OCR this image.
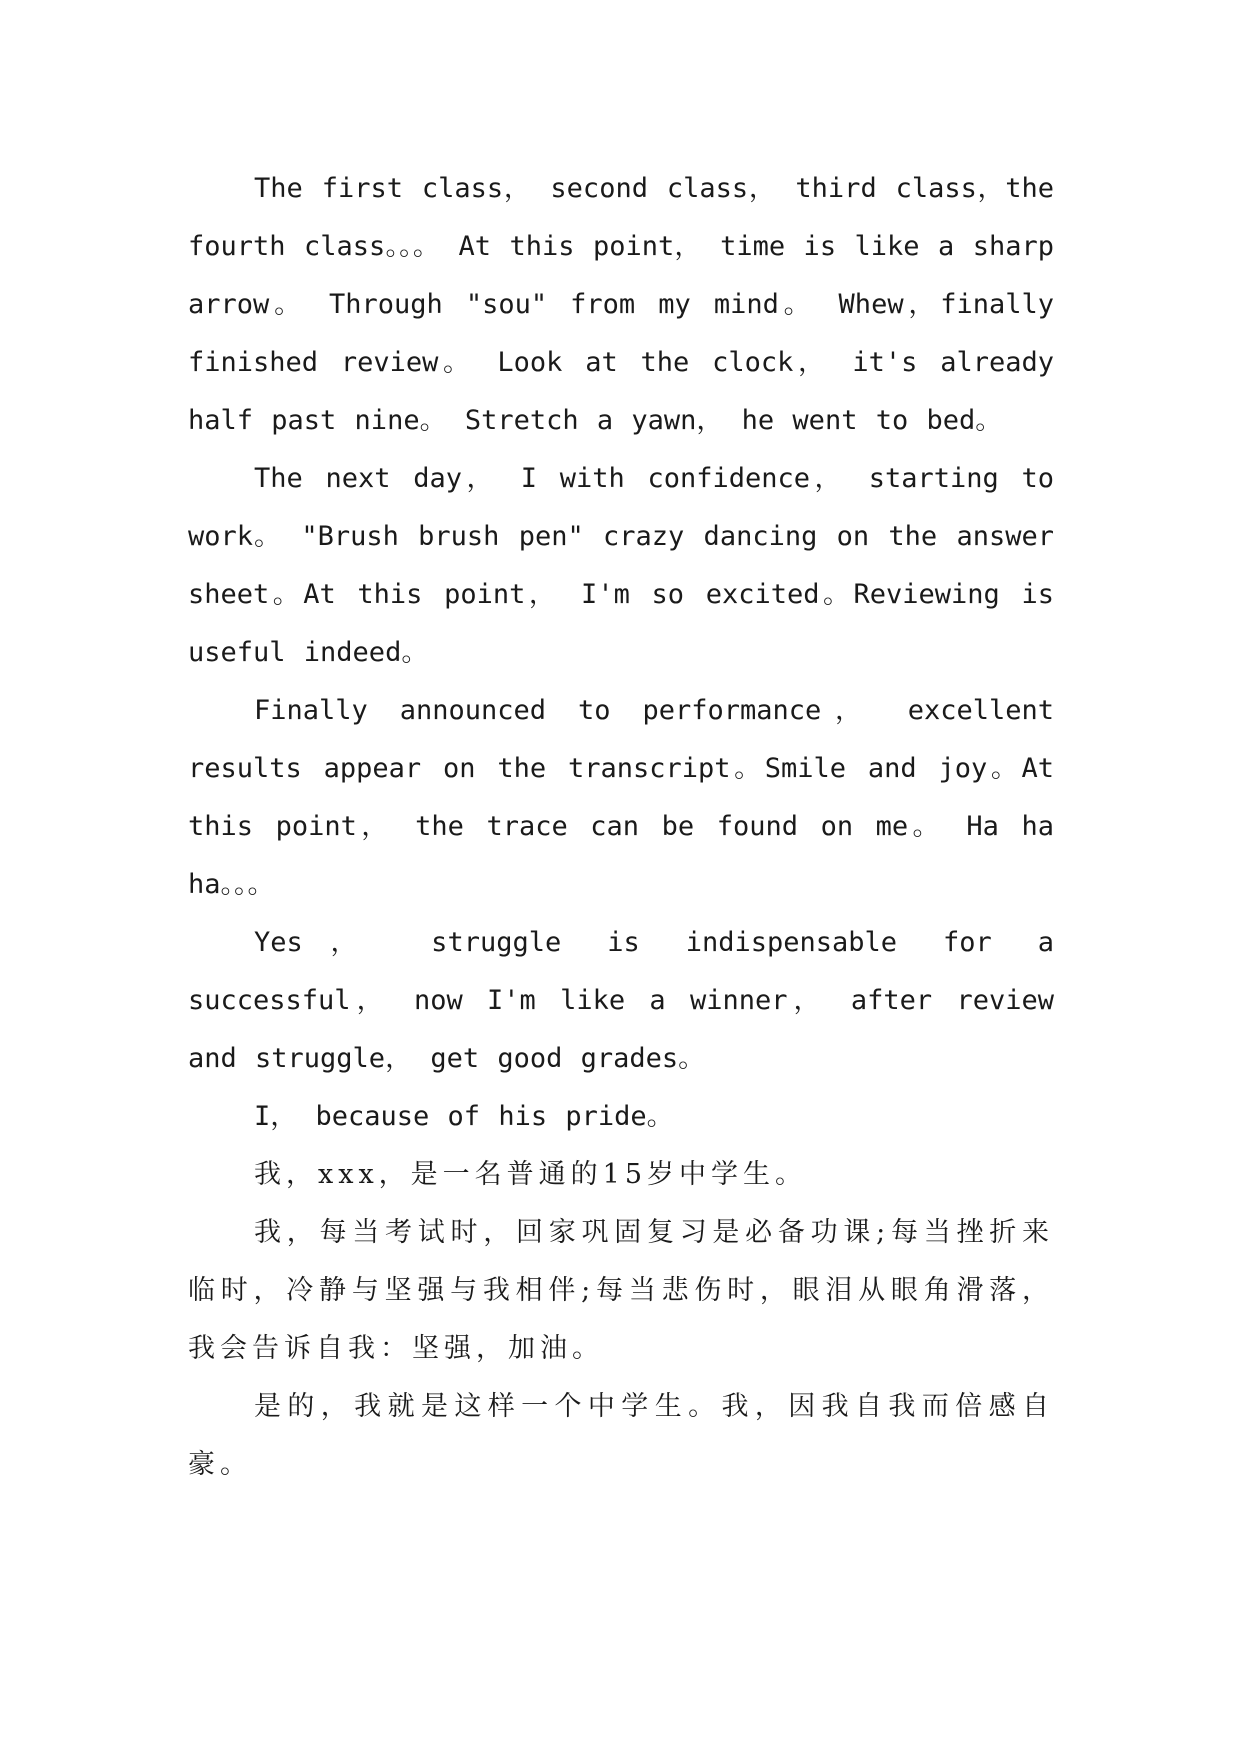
The first class， second class， third class，the fourth class。。。 At this point， time is like a sharp arrow。 Through "sou" from my mind。 Whew，finally finished review。 Look at the clock， it's already half past nine。 Stretch a yawn， he went to bed。

The next day， I with confidence， starting to work。 "Brush brush pen" crazy dancing on the answer sheet。At this point， I'm so excited。Reviewing is useful indeed。

Finally announced to performance， excellent results appear on the transcript。Smile and joy。At this point， the trace can be found on me。 Ha ha ha。。。

Yes， struggle is indispensable for a successful， now I'm like a winner， after review and struggle， get good grades。

I， because of his pride。

我，xxx，是一名普通的15岁中学生。

我，每当考试时，回家巩固复习是必备功课;每当挫折来临时，冷静与坚强与我相伴;每当悲伤时，眼泪从眼角滑落，我会告诉自我：坚强，加油。

是的，我就是这样一个中学生。我，因我自我而倍感自豪。
